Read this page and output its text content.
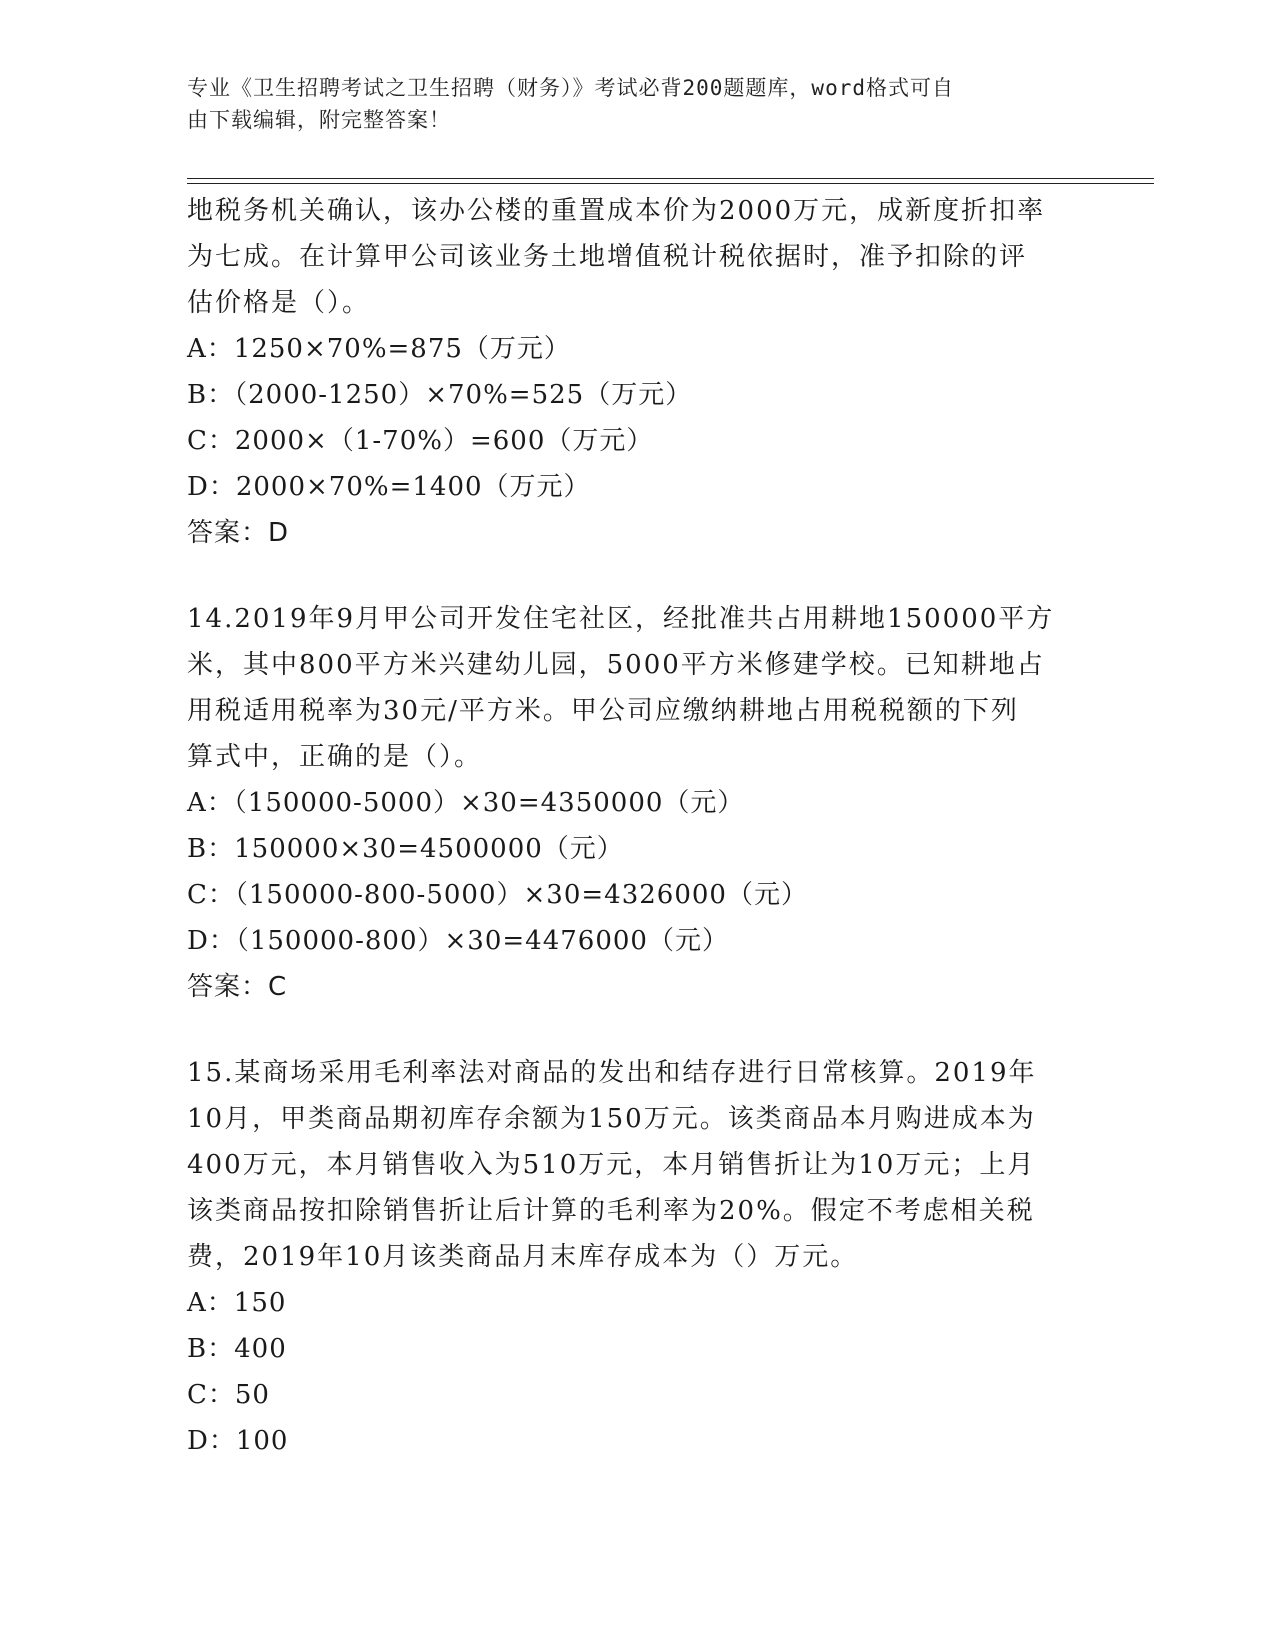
专业《卫生招聘考试之卫生招聘（财务）》考试必背200题题库，word格式可自
由下载编辑，附完整答案！
地税务机关确认，该办公楼的重置成本价为2000万元，成新度折扣率
为七成。在计算甲公司该业务土地增值税计税依据时，准予扣除的评
估价格是（）。
A：1250×70%=875（万元）
B：（2000-1250）×70%=525（万元）
C：2000×（1-70%）=600（万元）
D：2000×70%=1400（万元）
答案：D
14.2019年9月甲公司开发住宅社区，经批准共占用耕地150000平方
米，其中800平方米兴建幼儿园，5000平方米修建学校。已知耕地占
用税适用税率为30元/平方米。甲公司应缴纳耕地占用税税额的下列
算式中，正确的是（）。
A：（150000-5000）×30=4350000（元）
B：150000×30=4500000（元）
C：（150000-800-5000）×30=4326000（元）
D：（150000-800）×30=4476000（元）
答案：C
15.某商场采用毛利率法对商品的发出和结存进行日常核算。2019年
10月，甲类商品期初库存余额为150万元。该类商品本月购进成本为
400万元，本月销售收入为510万元，本月销售折让为10万元；上月
该类商品按扣除销售折让后计算的毛利率为20%。假定不考虑相关税
费，2019年10月该类商品月末库存成本为（）万元。
A：150
B：400
C：50
D：100
